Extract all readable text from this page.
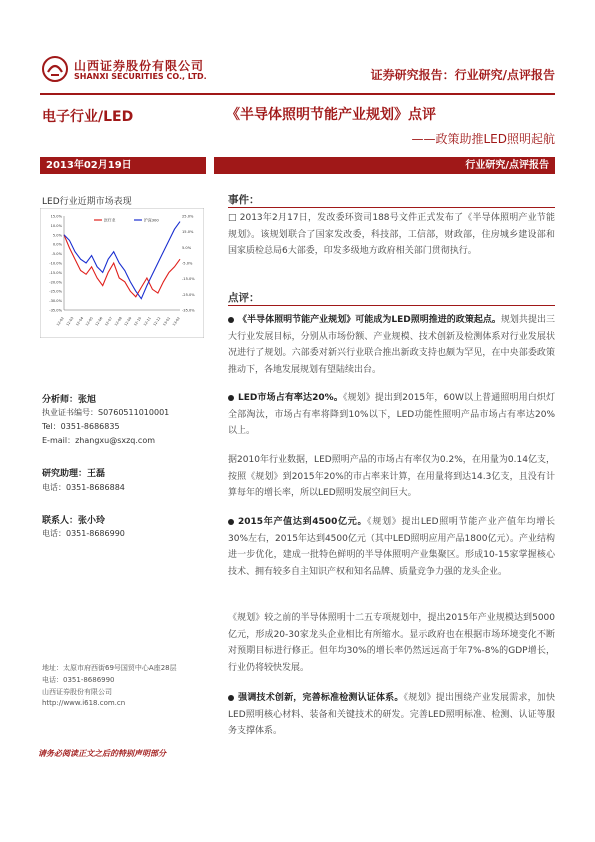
山西证券股份有限公司
SHANXI SECURITIES CO., LTD.	证券研究报告：行业研究/点评报告
电子行业/LED	《半导体照明节能产业规划》点评
——政策助推LED照明起航
2013年02月19日	行业研究/点评报告
LED行业近期市场表现
15.0%
10.0%
5.0%
0.0%
-5.0%
-10.0%
-15.0%
-20.0%
-25.0%
-30.0%
-35.0%
25.0%
15.0%
5.0%
-5.0%
-15.0%
-25.0%
-35.0%
12-02 12-03 12-04 12-05 12-06 12-07 12-08 12-09 12-10 12-11 12-12 13-01 13-02
医疗业	沪深300
分析师：张旭
执业证书编号：S0760511010001
Tel：0351-8686835
E-mail：zhangxu@sxzq.com
研究助理：王磊
电话：0351-8686884
联系人：张小玲
电话：0351-8686990
地址：太原市府西街69号国贸中心A座28层
电话：0351-8686990
山西证券股份有限公司
http://www.i618.com.cn
事件：

□ 2013年2月17日，发改委环资司188号文件正式发布了《半导体照明产业节能规划》。该规划联合了国家发改委，科技部，工信部，财政部，住房城乡建设部和国家质检总局6大部委，印发多级地方政府相关部门贯彻执行。

点评：

《半导体照明节能产业规划》可能成为LED照明推进的政策起点。规划共提出三大行业发展目标，分别从市场份额、产业规模、技术创新及检测体系对行业发展状况进行了规划。六部委对新兴行业联合推出新政支持也颇为罕见，在中央部委政策推动下，各地发展规划有望陆续出台。

LED市场占有率达20%。《规划》提出到2015年，60W以上普通照明用白炽灯全部淘汰，市场占有率将降到10%以下，LED功能性照明产品市场占有率达20%以上。

据2010年行业数据，LED照明产品的市场占有率仅为0.2%，在用量为0.14亿支，按照《规划》到2015年20%的市占率来计算，在用量将到达14.3亿支，且没有计算每年的增长率，所以LED照明发展空间巨大。

2015年产值达到4500亿元。《规划》提出LED照明节能产业产值年均增长30%左右，2015年达到4500亿元（其中LED照明应用产品1800亿元）。产业结构进一步优化，建成一批特色鲜明的半导体照明产业集聚区。形成10-15家掌握核心技术、拥有较多自主知识产权和知名品牌、质量竞争力强的龙头企业。

《规划》较之前的半导体照明十二五专项规划中，提出2015年产业规模达到5000亿元，形成20-30家龙头企业相比有所缩水。显示政府也在根据市场环境变化不断对预期目标进行修正。但年均30%的增长率仍然远远高于年7%-8%的GDP增长，行业仍将较快发展。

强调技术创新，完善标准检测认证体系。《规划》提出围绕产业发展需求，加快LED照明核心材料、装备和关键技术的研发。完善LED照明标准、检测、认证等服务支撑体系。

请务必阅读正文之后的特别声明部分
